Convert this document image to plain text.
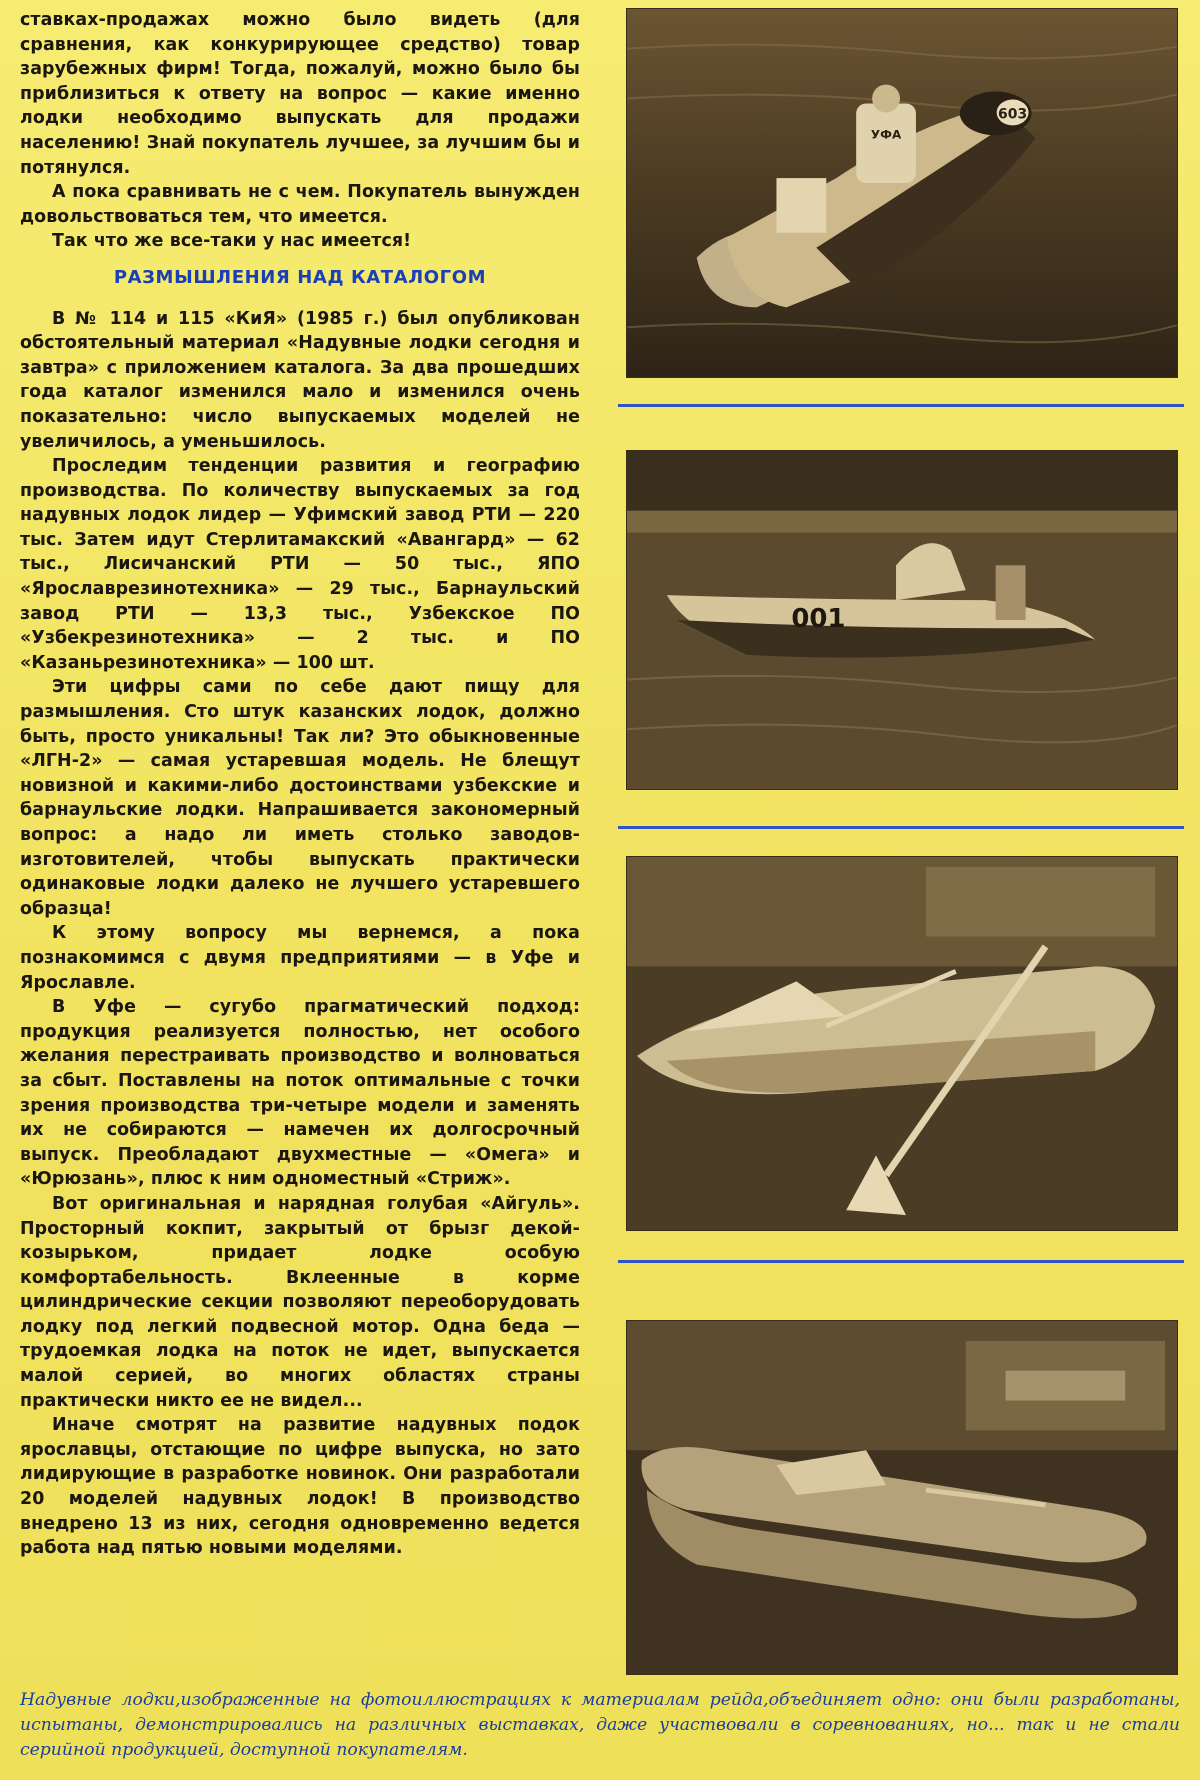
ставках-продажах можно было видеть (для сравнения, как конкурирующее средство) товар зарубежных фирм! Тогда, пожалуй, можно было бы приблизиться к ответу на вопрос — какие именно лодки необходимо выпускать для продажи населению! Знай покупатель лучшее, за лучшим бы и потянулся.

А пока сравнивать не с чем. Покупатель вынужден довольствоваться тем, что имеется.

Так что же все-таки у нас имеется!

РАЗМЫШЛЕНИЯ НАД КАТАЛОГОМ

В № 114 и 115 «КиЯ» (1985 г.) был опубликован обстоятельный материал «Надувные лодки сегодня и завтра» с приложением каталога. За два прошедших года каталог изменился мало и изменился очень показательно: число выпускаемых моделей не увеличилось, а уменьшилось.

Проследим тенденции развития и географию производства. По количеству выпускаемых за год надувных лодок лидер — Уфимский завод РТИ — 220 тыс. Затем идут Стерлитамакский «Авангард» — 62 тыс., Лисичанский РТИ — 50 тыс., ЯПО «Ярославрезинотехника» — 29 тыс., Барнаульский завод РТИ — 13,3 тыс., Узбекское ПО «Узбекрезинотехника» — 2 тыс. и ПО «Казаньрезинотехника» — 100 шт.

Эти цифры сами по себе дают пищу для размышления. Сто штук казанских лодок, должно быть, просто уникальны! Так ли? Это обыкновенные «ЛГН-2» — самая устаревшая модель. Не блещут новизной и какими-либо достоинствами узбекские и барнаульские лодки. Напрашивается закономерный вопрос: а надо ли иметь столько заводов-изготовителей, чтобы выпускать практически одинаковые лодки далеко не лучшего устаревшего образца!

К этому вопросу мы вернемся, а пока познакомимся с двумя предприятиями — в Уфе и Ярославле.

В Уфе — сугубо прагматический подход: продукция реализуется полностью, нет особого желания перестраивать производство и волноваться за сбыт. Поставлены на поток оптимальные с точки зрения производства три-четыре модели и заменять их не собираются — намечен их долгосрочный выпуск. Преобладают двухместные — «Омега» и «Юрюзань», плюс к ним одноместный «Стриж».

Вот оригинальная и нарядная голубая «Айгуль». Просторный кокпит, закрытый от брызг декой-козырьком, придает лодке особую комфортабельность. Вклеенные в корме цилиндрические секции позволяют переоборудовать лодку под легкий подвесной мотор. Одна беда — трудоемкая лодка на поток не идет, выпускается малой серией, во многих областях страны практически никто ее не видел...

Иначе смотрят на развитие надувных подок ярославцы, отстающие по цифре выпуска, но зато лидирующие в разработке новинок. Они разработали 20 моделей надувных лодок! В производство внедрено 13 из них, сегодня одновременно ведется работа над пятью новыми моделями.

603
УФА
001
Надувные лодки,изображенные на фотоиллюстрациях к материалам рейда,объединяет одно: они были разработаны, испытаны, демонстрировались на различных выставках, даже участвовали в соревнованиях, но... так и не стали серийной продукцией, доступной покупателям.
